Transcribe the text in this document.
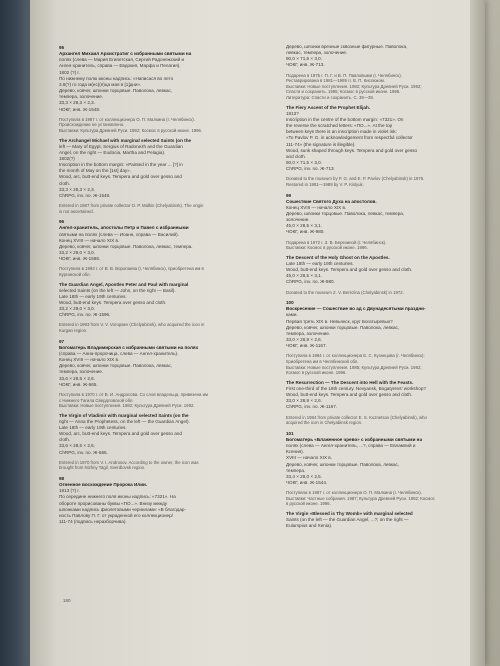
95
Архангел Михаил Архистратиг с избранными святыми на
полях (слева — Мария Египетская, Сергий Радонежский и
Ангел-хранитель, справа — Евдокия, Марфа и Пелагия).
1802 (?) г.
По нижнему полю иконы надпись: «Написася во лето
3.8(?) го года м(ес)(я)ца мая в [1]дни».
Дерево, ковчег, шпонки торцовые. Паволока, левкас,
темпера, золочение.
33,3 × 28,3 × 2,3.
ЧОКГ, инв. Ж-1548.
Поступила в 1987 г. от коллекционера О. П. Малкина (г. Челябинск).
Происхождение не установлено.
Выставки: Культура Древней Руси. 1992; Космос в русской иконе. 1996.
The Archangel Michael with marginal selected Saints (on the
left — Mary of Egypt, Sergius of Radonezh and the Guardian
Angel, on the right — Eudocia, Martha and Pelagia).
1802(?)
Inscription in the bottom margin: «Painted in the year ... [?] in
the month of May on the [1st] day».
Wood, arc, butt-end keys. Tempera and gold over gesso and
cloth.
33,3 × 28,3 × 2,3.
ChRPG, inv. no. Ж-1548.
Entered in 1987 from private collector O. P. Malkin (Chelyabinsk). The origin
is not ascertained.
96
Ангел-хранитель, апостолы Петр и Павел с избранными
святыми на полях (слева — Иоанн, справа — Василий).
Конец XVIII — начало XIX в.
Дерево, ковчег, шпонки торцовые. Паволока, левкас, темпера.
33,2 × 29,0 × 3,0.
ЧОКГ, инв. Ж-1596.
Поступила в 1993 г. от В. В. Воропаева (г. Челябинск), приобретена им в
Курганской обл.
The Guardian Angel, Apostles Peter and Paul with marginal
selected Saints (on the left — John, on the right — Basil).
Late 18th — early 19th centuries.
Wood, butt-end keys. Tempera over gesso and cloth.
33,2 × 29,0 × 3,0.
ChRPG, inv. no. Ж-1596.
Entered in 1993 from V. V. Voropaev (Chelyabinsk), who acquired the icon in
Kurgan region.
97
Богоматерь Владимирская с избранными святыми на полях
(справа — Анна-пророчица, слева — Ангел-хранитель).
Конец XVIII — начало XIX в.
Дерево, ковчег, шпонки торцовые. Паволока, левкас,
темпера, золочение.
33,6 × 28,5 × 2,6.
ЧОКГ, инв. Ж-665.
Поступила в 1970 г. от В. И. Андросова. Со слов владельца, привезена им
с Нижнего Тагила Свердловской обл.
Выставки: Новые поступления. 1982; Культура Древней Руси. 1992.
The Virgin of Vladimir with marginal selected Saints (on the
right — Anna the Prophetess, on the left — the Guardian Angel).
Late 18th — early 19th centuries.
Wood, arc, butt-end keys. Tempera and gold over gesso and
cloth.
33,6 × 28,5 × 2,6.
ChRPG, inv. no. Ж-665.
Entered in 1970 from V. I. Androsov. According to the owner, the icon was
brought from Nizhny Tagil, Sverdlovsk region.
98
Огненное восхождение Пророка Илии.
1813 (?) г.
По середине нижнего поля иконы надпись: «7321». На
обороте прорисованы буквы «ПО...». Внизу между
шпонками надпись фиолетовыми чернилами: «В благодар-
ность Павлову П. Г. от украденной его коллекционер/
111-74 (подпись неразборчива).
Дерево, шпонки врезные сквозные фигурные. Паволока,
левкас, темпера, золочение.
90,0 × 71,5 × 3,0.
ЧОКГ, инв. Ж-713.
Подарена в 1975 г. П. Г. и В. П. Павловыми (г. Челябинск).
Реставрирована в 1981—1989 гг. В. П. Кислюком.
Выставки: Новые поступления. 1982; Культура Древней Руси. 1992;
Спасти и сохранить. 1995; Космос в русской иконе. 1996.
Литература: Спасти и сохранить. С. 39—39.
The Fiery Ascent of the Prophet Elijah.
1813?
Inscription in the centre of the bottom margin: «7321». On
the reverse the scratched letters: «ПО...». At the top
between keys there is an inscription made in violet ink:
«To Pavlov P. G. in acknowledgement from respectful collector
111-74» (the signature is illegible).
Wood, sunk shaped through keys. Tempera and gold over gesso
and cloth.
90,0 × 71,5 × 3,0.
ChRPG, inv. no. Ж-713.
Donated to the museum by P. G. and E. P. Pavlov (Chelyabinsk) in 1975.
Restored in 1981—1989 by V. P. Kislyuk.
99
Сошествие Святого Духа на апостолов.
Конец XVIII — начало XIX в.
Дерево, шпонки торцовые. Паволока, левкас, темпера,
золочение.
45,0 × 28,5 × 3,1.
ЧОКГ, инв. Ж-980.
Подарена в 1972 г. З. В. Березиной (г. Челябинск).
Выставки: Космос в русской иконе. 1996.
The Descent of the Holy Ghost on the Apostles.
Late 18th — early 19th centuries.
Wood, butt-end keys. Tempera and gold over gesso and cloth.
45,0 × 28,5 × 3,1.
ChRPG, inv. no. Ж-980.
Donated to the museum Z. V. Berezina (Chelyabinsk) in 1972.
100
Воскресение — Сошествие во ад с Двунадесятыми праздни-
ками.
Первая треть XIX в. Невьянск, круг Богатыревых?
Дерево, ковчег, шпонки торцовые. Паволока, левкас,
темпера, золочение.
33,0 × 28,9 × 2,6.
ЧОКГ, инв. Ж-1167.
Поступила в 1984 г. от коллекционера Е. С. Кузнецова (г. Челябинск);
приобретена им в Челябинской обл.
Выставки: Новые поступления. 1985; Культура Древней Руси. 1992;
Космос в русской иконе. 1996.
The Resurrection — The Descent into Hell with the Feasts.
First one-third of the 19th century. Nevyansk, Bogatyrevs' workshop?
Wood, butt-end keys. Tempera and gold over gesso and cloth.
33,0 × 28,9 × 2,6.
ChRPG, inv. no. Ж-1167.
Entered in 1984 from private collector E. S. Kuznetsov (Chelyabinsk), who
acquired the icon in Chelyabinsk region.
101
Богоматерь «Блаженное чрево» с избранными святыми на
полях (слева — Ангел-хранитель, ...?, справа — Евлампий и
Ксения).
XVIII — начало XIX в.
Дерево, ковчег, шпонки торцовые. Паволока, левкас,
темпера.
33,4 × 28,0 × 2,5.
ЧОКГ, инв. Ж-1544.
Поступила в 1987 г. от коллекционера О. П. Малкина (г. Челябинск).
Выставки: Частные собрания. 1987; Культура Древней Руси. 1992; Космос
в русской иконе. 1996.
The Virgin «Blessed is Thy Womb» with marginal selected
Saints (on the left — the Guardian Angel, ...?; on the right —
Eulampius and Xenia).
180
